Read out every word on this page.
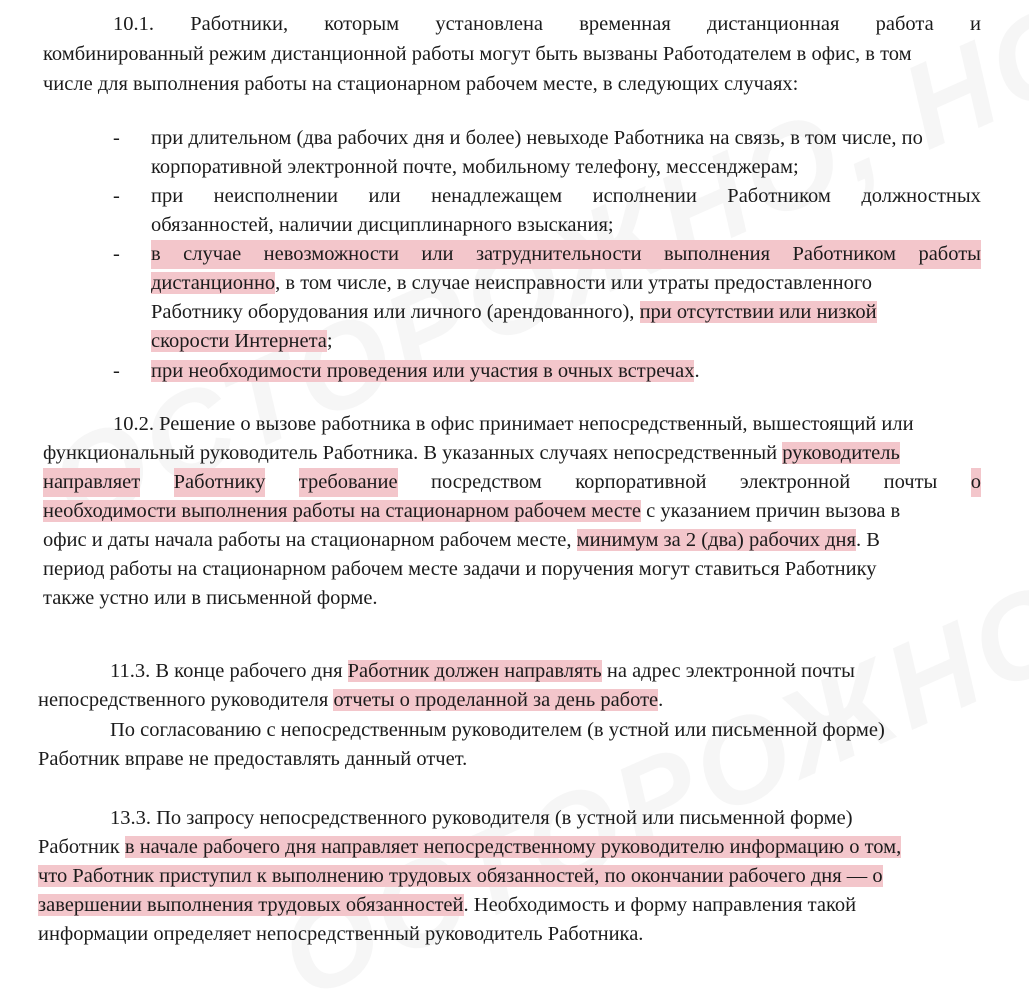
10.1. Работники, которым установлена временная дистанционная работа и
комбинированный режим дистанционной работы могут быть вызваны Работодателем в офис, в том
числе для выполнения работы на стационарном рабочем месте, в следующих случаях:
- при длительном (два рабочих дня и более) невыходе Работника на связь, в том числе, по
корпоративной электронной почте, мобильному телефону, мессенджерам;
- при неисполнении или ненадлежащем исполнении Работником должностных
обязанностей, наличии дисциплинарного взыскания;
- в случае невозможности или затруднительности выполнения Работником работы
дистанционно, в том числе, в случае неисправности или утраты предоставленного
Работнику оборудования или личного (арендованного), при отсутствии или низкой
скорости Интернета;
- при необходимости проведения или участия в очных встречах.
10.2. Решение о вызове работника в офис принимает непосредственный, вышестоящий или
функциональный руководитель Работника. В указанных случаях непосредственный руководитель
направляет Работнику требование посредством корпоративной электронной почты о
необходимости выполнения работы на стационарном рабочем месте с указанием причин вызова в
офис и даты начала работы на стационарном рабочем месте, минимум за 2 (два) рабочих дня. В
период работы на стационарном рабочем месте задачи и поручения могут ставиться Работнику
также устно или в письменной форме.
11.3. В конце рабочего дня Работник должен направлять на адрес электронной почты
непосредственного руководителя отчеты о проделанной за день работе.
По согласованию с непосредственным руководителем (в устной или письменной форме)
Работник вправе не предоставлять данный отчет.
13.3. По запросу непосредственного руководителя (в устной или письменной форме)
Работник в начале рабочего дня направляет непосредственному руководителю информацию о том,
что Работник приступил к выполнению трудовых обязанностей, по окончании рабочего дня — о
завершении выполнения трудовых обязанностей. Необходимость и форму направления такой
информации определяет непосредственный руководитель Работника.
